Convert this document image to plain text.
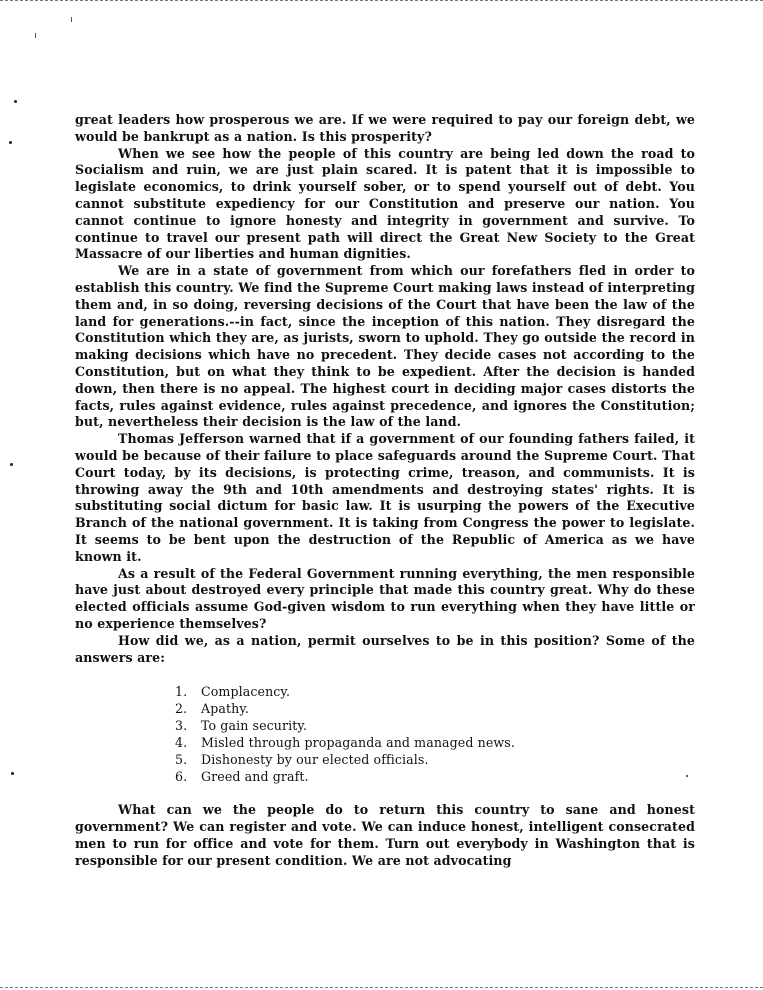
great leaders how prosperous we are. If we were required to pay our foreign debt, we would be bankrupt as a nation. Is this prosperity?

When we see how the people of this country are being led down the road to Socialism and ruin, we are just plain scared. It is patent that it is impossible to legislate economics, to drink yourself sober, or to spend yourself out of debt. You cannot substitute expediency for our Constitution and preserve our nation. You cannot continue to ignore honesty and integrity in government and survive. To continue to travel our present path will direct the Great New Society to the Great Massacre of our liberties and human dignities.

We are in a state of government from which our forefathers fled in order to establish this country. We find the Supreme Court making laws instead of interpreting them and, in so doing, reversing decisions of the Court that have been the law of the land for generations.--in fact, since the inception of this nation. They disregard the Constitution which they are, as jurists, sworn to uphold. They go outside the record in making decisions which have no precedent. They decide cases not according to the Constitution, but on what they think to be expedient. After the decision is handed down, then there is no appeal. The highest court in deciding major cases distorts the facts, rules against evidence, rules against precedence, and ignores the Constitution; but, nevertheless their decision is the law of the land.

Thomas Jefferson warned that if a government of our founding fathers failed, it would be because of their failure to place safeguards around the Supreme Court. That Court today, by its decisions, is protecting crime, treason, and communists. It is throwing away the 9th and 10th amendments and destroying states' rights. It is substituting social dictum for basic law. It is usurping the powers of the Executive Branch of the national government. It is taking from Congress the power to legislate. It seems to be bent upon the destruction of the Republic of America as we have known it.

As a result of the Federal Government running everything, the men responsible have just about destroyed every principle that made this country great. Why do these elected officials assume God-given wisdom to run everything when they have little or no experience themselves?

How did we, as a nation, permit ourselves to be in this position? Some of the answers are:

1.	Complacency.
2.	Apathy.
3.	To gain security.
4.	Misled through propaganda and managed news.
5.	Dishonesty by our elected officials.
6.	Greed and graft.

What can we the people do to return this country to sane and honest government? We can register and vote. We can induce honest, intelligent consecrated men to run for office and vote for them. Turn out everybody in Washington that is responsible for our present condition. We are not advocating
